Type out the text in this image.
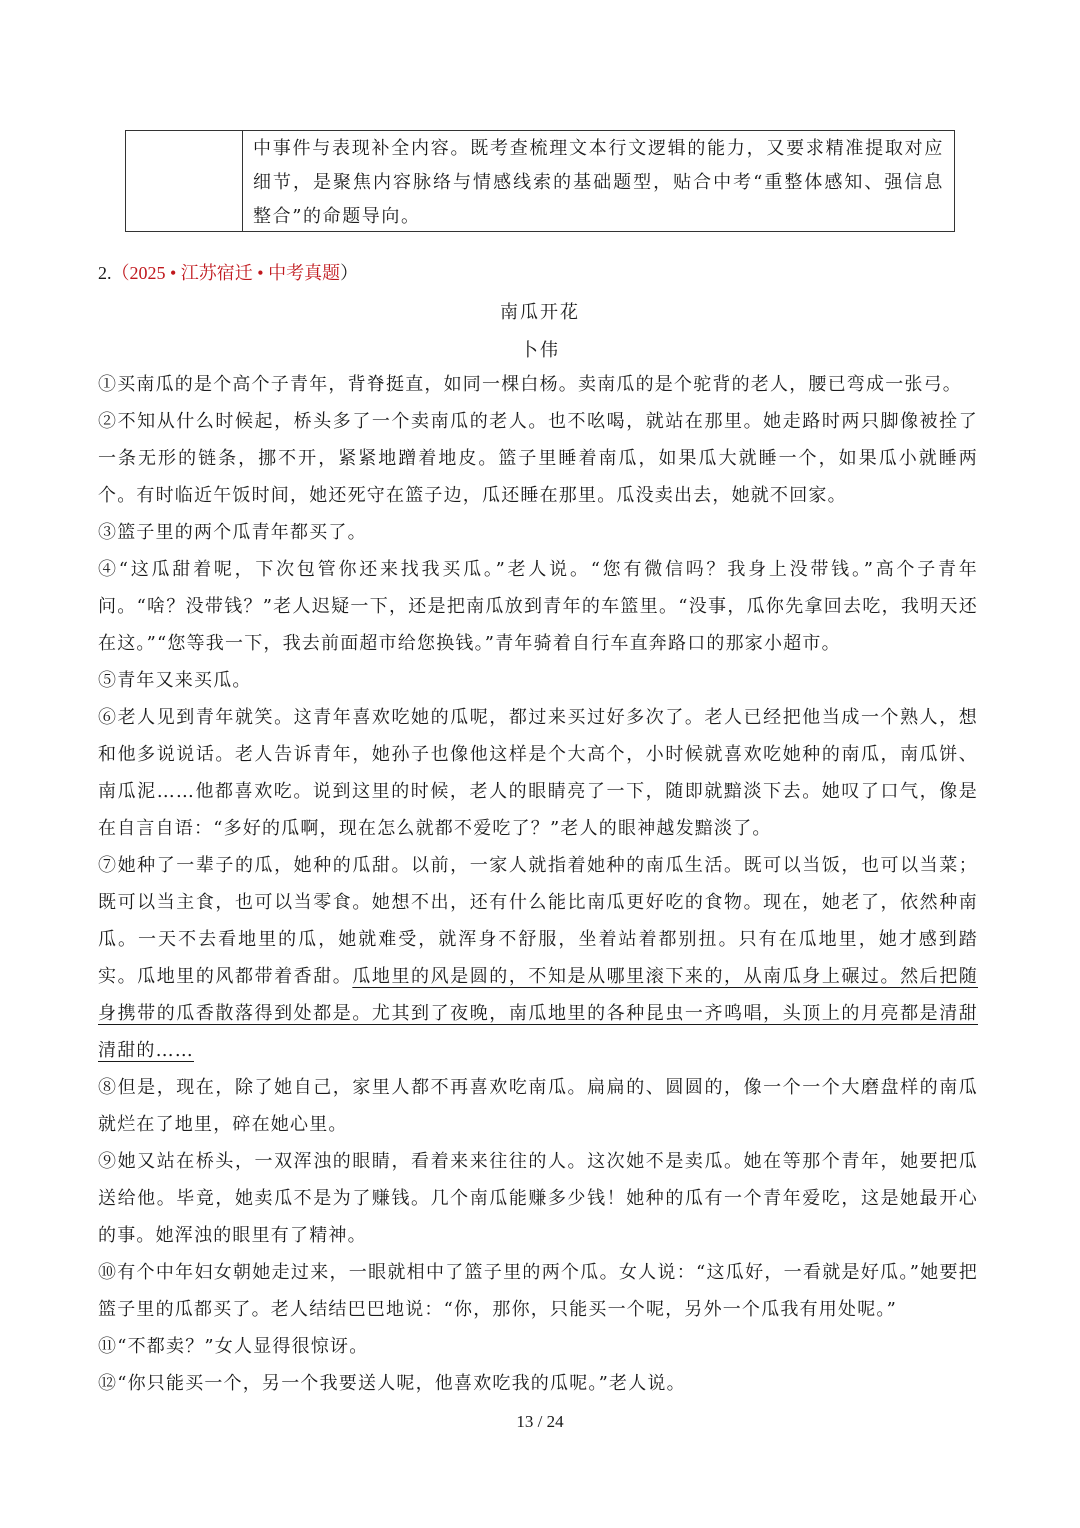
中事件与表现补全内容。既考查梳理文本行文逻辑的能力，又要求精准提取对应细节，是聚焦内容脉络与情感线索的基础题型，贴合中考“重整体感知、强信息整合”的命题导向。
2.（2025 • 江苏宿迁 • 中考真题）
南瓜开花
卜伟

①买南瓜的是个高个子青年，背脊挺直，如同一棵白杨。卖南瓜的是个驼背的老人，腰已弯成一张弓。

②不知从什么时候起，桥头多了一个卖南瓜的老人。也不吆喝，就站在那里。她走路时两只脚像被拴了一条无形的链条，挪不开，紧紧地蹭着地皮。篮子里睡着南瓜，如果瓜大就睡一个，如果瓜小就睡两个。有时临近午饭时间，她还死守在篮子边，瓜还睡在那里。瓜没卖出去，她就不回家。

③篮子里的两个瓜青年都买了。

④“这瓜甜着呢，下次包管你还来找我买瓜。”老人说。“您有微信吗？我身上没带钱。”高个子青年问。“啥？没带钱？”老人迟疑一下，还是把南瓜放到青年的车篮里。“没事，瓜你先拿回去吃，我明天还在这。”“您等我一下，我去前面超市给您换钱。”青年骑着自行车直奔路口的那家小超市。

⑤青年又来买瓜。

⑥老人见到青年就笑。这青年喜欢吃她的瓜呢，都过来买过好多次了。老人已经把他当成一个熟人，想和他多说说话。老人告诉青年，她孙子也像他这样是个大高个，小时候就喜欢吃她种的南瓜，南瓜饼、南瓜泥……他都喜欢吃。说到这里的时候，老人的眼睛亮了一下，随即就黯淡下去。她叹了口气，像是在自言自语：“多好的瓜啊，现在怎么就都不爱吃了？”老人的眼神越发黯淡了。

⑦她种了一辈子的瓜，她种的瓜甜。以前，一家人就指着她种的南瓜生活。既可以当饭，也可以当菜；既可以当主食，也可以当零食。她想不出，还有什么能比南瓜更好吃的食物。现在，她老了，依然种南瓜。一天不去看地里的瓜，她就难受，就浑身不舒服，坐着站着都别扭。只有在瓜地里，她才感到踏实。瓜地里的风都带着香甜。瓜地里的风是圆的，不知是从哪里滚下来的，从南瓜身上碾过。然后把随身携带的瓜香散落得到处都是。尤其到了夜晚，南瓜地里的各种昆虫一齐鸣唱，头顶上的月亮都是清甜清甜的……

⑧但是，现在，除了她自己，家里人都不再喜欢吃南瓜。扁扁的、圆圆的，像一个一个大磨盘样的南瓜就烂在了地里，碎在她心里。

⑨她又站在桥头，一双浑浊的眼睛，看着来来往往的人。这次她不是卖瓜。她在等那个青年，她要把瓜送给他。毕竟，她卖瓜不是为了赚钱。几个南瓜能赚多少钱！她种的瓜有一个青年爱吃，这是她最开心的事。她浑浊的眼里有了精神。

⑩有个中年妇女朝她走过来，一眼就相中了篮子里的两个瓜。女人说：“这瓜好，一看就是好瓜。”她要把篮子里的瓜都买了。老人结结巴巴地说：“你，那你，只能买一个呢，另外一个瓜我有用处呢。”

⑪“不都卖？”女人显得很惊讶。

⑫“你只能买一个，另一个我要送人呢，他喜欢吃我的瓜呢。”老人说。

13 / 24
